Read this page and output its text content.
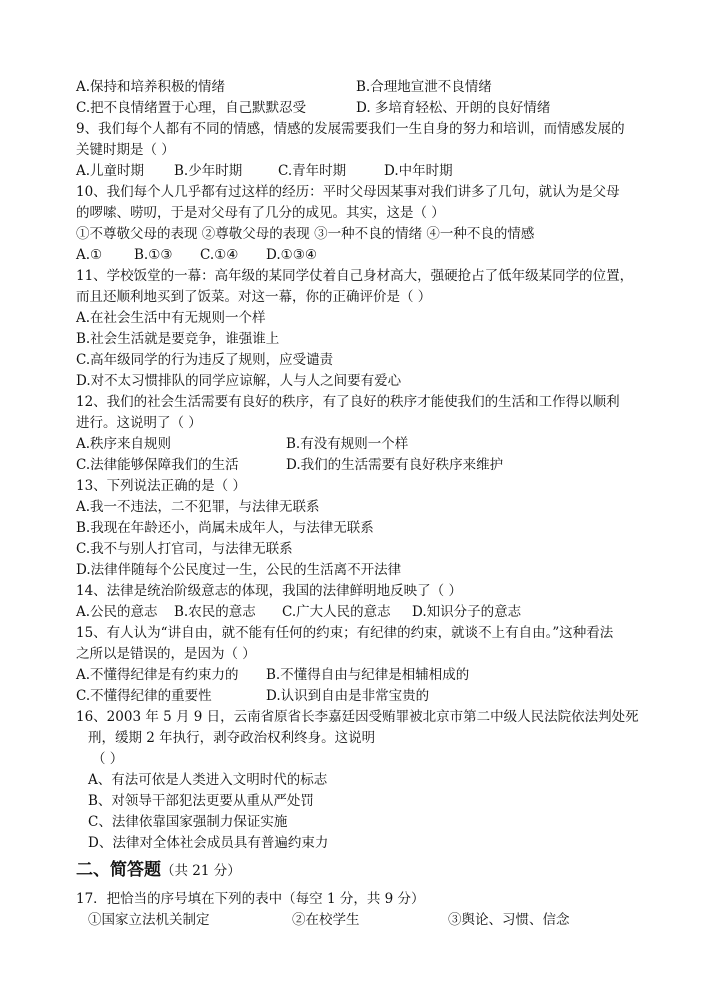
A.保持和培养积极的情绪	B.合理地宣泄不良情绪
C.把不良情绪置于心理，自己默默忍受	D. 多培育轻松、开朗的良好情绪
9、我们每个人都有不同的情感，情感的发展需要我们一生自身的努力和培训，而情感发展的
关键时期是（ ）
A.儿童时期 B.少年时期	C.青年时期	D.中年时期
10、我们每个人几乎都有过这样的经历：平时父母因某事对我们讲多了几句，就认为是父母
的啰嗦、唠叨，于是对父母有了几分的成见。其实，这是（ ）
①不尊敬父母的表现 ②尊敬父母的表现 ③一种不良的情绪 ④一种不良的情感
A.① B.①③ C.①④ D.①③④
11、学校饭堂的一幕：高年级的某同学仗着自己身材高大，强硬抢占了低年级某同学的位置，
而且还顺利地买到了饭菜。对这一幕，你的正确评价是（ ）
A.在社会生活中有无规则一个样
B.社会生活就是要竞争，谁强谁上
C.高年级同学的行为违反了规则，应受谴责
D.对不太习惯排队的同学应谅解，人与人之间要有爱心
12、我们的社会生活需要有良好的秩序，有了良好的秩序才能使我们的生活和工作得以顺利
进行。这说明了（ ）
A.秩序来自规则	B.有没有规则一个样
C.法律能够保障我们的生活	D.我们的生活需要有良好秩序来维护
13、下列说法正确的是（ ）
A.我一不违法，二不犯罪，与法律无联系
B.我现在年龄还小，尚属未成年人，与法律无联系
C.我不与别人打官司，与法律无联系
D.法律伴随每个公民度过一生，公民的生活离不开法律
14、法律是统治阶级意志的体现，我国的法律鲜明地反映了（ ）
A.公民的意志 B.农民的意志 C.广大人民的意志 D.知识分子的意志
15、有人认为“讲自由，就不能有任何的约束；有纪律的约束，就谈不上有自由。”这种看法
之所以是错误的，是因为（ ）
A.不懂得纪律是有约束力的 B.不懂得自由与纪律是相辅相成的
C.不懂得纪律的重要性	D.认识到自由是非常宝贵的
16、2003 年 5 月 9 日，云南省原省长李嘉廷因受贿罪被北京市第二中级人民法院依法判处死
刑，缓期 2 年执行，剥夺政治权利终身。这说明
（ ）
A、有法可依是人类进入文明时代的标志
B、对领导干部犯法更要从重从严处罚
C、法律依靠国家强制力保证实施
D、法律对全体社会成员具有普遍约束力
二、简答题（共 21 分）
17．把恰当的序号填在下列的表中（每空 1 分，共 9 分）
①国家立法机关制定	②在校学生	③舆论、习惯、信念
